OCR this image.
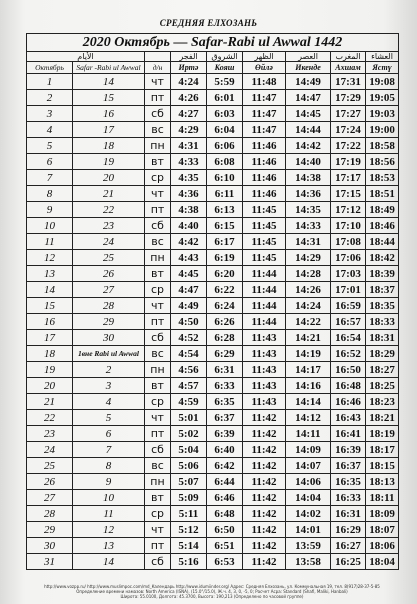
СРЕДНЯЯ ЕЛХОЗАНЬ
2020 Октябрь — Safar-Rabi ul Awwal 1442								
الأيام			الفجر	الشروق	الظهر	العصر	المغرب	العشاء
Октябрь	Safar -Rabi ul Awwal	д/н	Иртә	Кояш	Өйлә	Икенде	Ахшам	Ястү
1	14	чт	4:24	5:59	11:48	14:49	17:31	19:08
2	15	пт	4:26	6:01	11:47	14:47	17:29	19:05
3	16	сб	4:27	6:03	11:47	14:45	17:27	19:03
4	17	вс	4:29	6:04	11:47	14:44	17:24	19:00
5	18	пн	4:31	6:06	11:46	14:42	17:22	18:58
6	19	вт	4:33	6:08	11:46	14:40	17:19	18:56
7	20	ср	4:35	6:10	11:46	14:38	17:17	18:53
8	21	чт	4:36	6:11	11:46	14:36	17:15	18:51
9	22	пт	4:38	6:13	11:45	14:35	17:12	18:49
10	23	сб	4:40	6:15	11:45	14:33	17:10	18:46
11	24	вс	4:42	6:17	11:45	14:31	17:08	18:44
12	25	пн	4:43	6:19	11:45	14:29	17:06	18:42
13	26	вт	4:45	6:20	11:44	14:28	17:03	18:39
14	27	ср	4:47	6:22	11:44	14:26	17:01	18:37
15	28	чт	4:49	6:24	11:44	14:24	16:59	18:35
16	29	пт	4:50	6:26	11:44	14:22	16:57	18:33
17	30	сб	4:52	6:28	11:43	14:21	16:54	18:31
18	1вне Rabi ul Awwal	вс	4:54	6:29	11:43	14:19	16:52	18:29
19	2	пн	4:56	6:31	11:43	14:17	16:50	18:27
20	3	вт	4:57	6:33	11:43	14:16	16:48	18:25
21	4	ср	4:59	6:35	11:43	14:14	16:46	18:23
22	5	чт	5:01	6:37	11:42	14:12	16:43	18:21
23	6	пт	5:02	6:39	11:42	14:11	16:41	18:19
24	7	сб	5:04	6:40	11:42	14:09	16:39	18:17
25	8	вс	5:06	6:42	11:42	14:07	16:37	18:15
26	9	пн	5:07	6:44	11:42	14:06	16:35	18:13
27	10	вт	5:09	6:46	11:42	14:04	16:33	18:11
28	11	ср	5:11	6:48	11:42	14:02	16:31	18:09
29	12	чт	5:12	6:50	11:42	14:01	16:29	18:07
30	13	пт	5:14	6:51	11:42	13:59	16:27	18:06
31	14	сб	5:16	6:53	11:42	13:58	16:25	18:04
http://www.vozpp.ru/ http://www.muslimpoc.com/md_Календарь http://www.idumiinder.org/ Адрес: Средняя Елхозань, ул. Коммунальная 19, тел. 8(917)28-37-5-85
Определение времени намазов: North America (ISNA), (15.0°/15.0), Ж.ч. 4, 3, 0, -5, 0; Расчет Асра: Standard (Shafi, Maliki, Hanbali)
Широта: 55.0100, Долгота: 45.3700, Высота: 190,213 (Определено по часовой группе)
